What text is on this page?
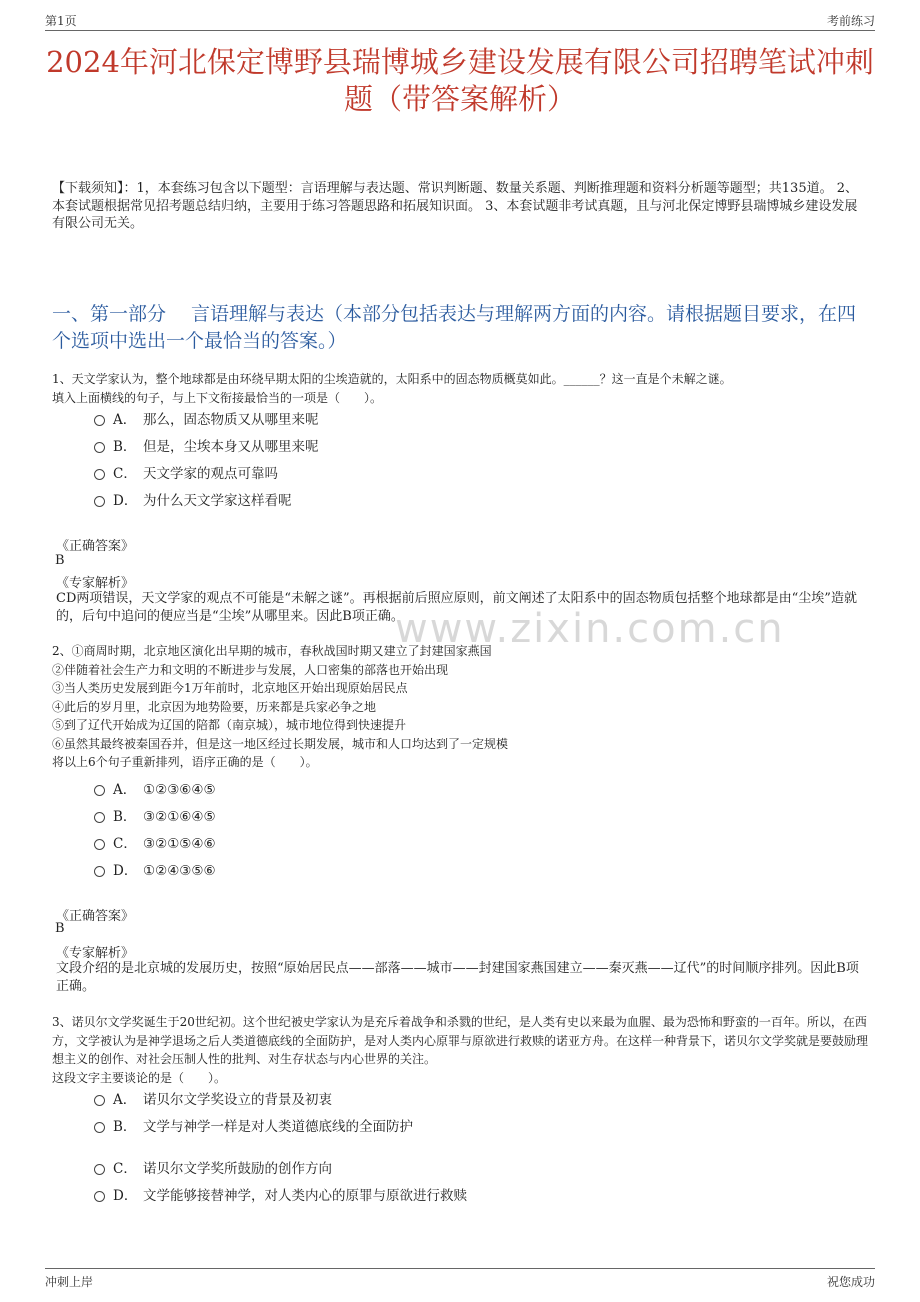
第1页	考前练习
2024年河北保定博野县瑞博城乡建设发展有限公司招聘笔试冲刺题（带答案解析）
【下载须知】：1，本套练习包含以下题型：言语理解与表达题、常识判断题、数量关系题、判断推理题和资料分析题等题型；共135道。 2、本套试题根据常见招考题总结归纳，主要用于练习答题思路和拓展知识面。 3、本套试题非考试真题，且与河北保定博野县瑞博城乡建设发展有限公司无关。
一、第一部分　 言语理解与表达（本部分包括表达与理解两方面的内容。请根据题目要求，在四个选项中选出一个最恰当的答案。）
www.zixin.com.cn
1、天文学家认为，整个地球都是由环绕早期太阳的尘埃造就的，太阳系中的固态物质概莫如此。______？这一直是个未解之谜。
填入上面横线的句子，与上下文衔接最恰当的一项是（　　）。
A． 那么，固态物质又从哪里来呢
B． 但是，尘埃本身又从哪里来呢
C． 天文学家的观点可靠吗
D． 为什么天文学家这样看呢
《正确答案》
B
《专家解析》
CD两项错误，天文学家的观点不可能是“未解之谜”。再根据前后照应原则，前文阐述了太阳系中的固态物质包括整个地球都是由“尘埃”造就的，后句中追问的便应当是“尘埃”从哪里来。因此B项正确。
2、①商周时期，北京地区演化出早期的城市，春秋战国时期又建立了封建国家燕国
②伴随着社会生产力和文明的不断进步与发展，人口密集的部落也开始出现
③当人类历史发展到距今1万年前时，北京地区开始出现原始居民点
④此后的岁月里，北京因为地势险要，历来都是兵家必争之地
⑤到了辽代开始成为辽国的陪都（南京城），城市地位得到快速提升
⑥虽然其最终被秦国吞并，但是这一地区经过长期发展，城市和人口均达到了一定规模
将以上6个句子重新排列，语序正确的是（　　）。
A． ①②③⑥④⑤
B． ③②①⑥④⑤
C． ③②①⑤④⑥
D． ①②④③⑤⑥
《正确答案》
B
《专家解析》
文段介绍的是北京城的发展历史，按照“原始居民点——部落——城市——封建国家燕国建立——秦灭燕——辽代”的时间顺序排列。因此B项正确。
3、诺贝尔文学奖诞生于20世纪初。这个世纪被史学家认为是充斥着战争和杀戮的世纪，是人类有史以来最为血腥、最为恐怖和野蛮的一百年。所以，在西方，文学被认为是神学退场之后人类道德底线的全面防护，是对人类内心原罪与原欲进行救赎的诺亚方舟。在这样一种背景下，诺贝尔文学奖就是要鼓励理想主义的创作、对社会压制人性的批判、对生存状态与内心世界的关注。
这段文字主要谈论的是（　　）。
A． 诺贝尔文学奖设立的背景及初衷
B． 文学与神学一样是对人类道德底线的全面防护
C． 诺贝尔文学奖所鼓励的创作方向
D． 文学能够接替神学，对人类内心的原罪与原欲进行救赎
冲刺上岸	祝您成功
